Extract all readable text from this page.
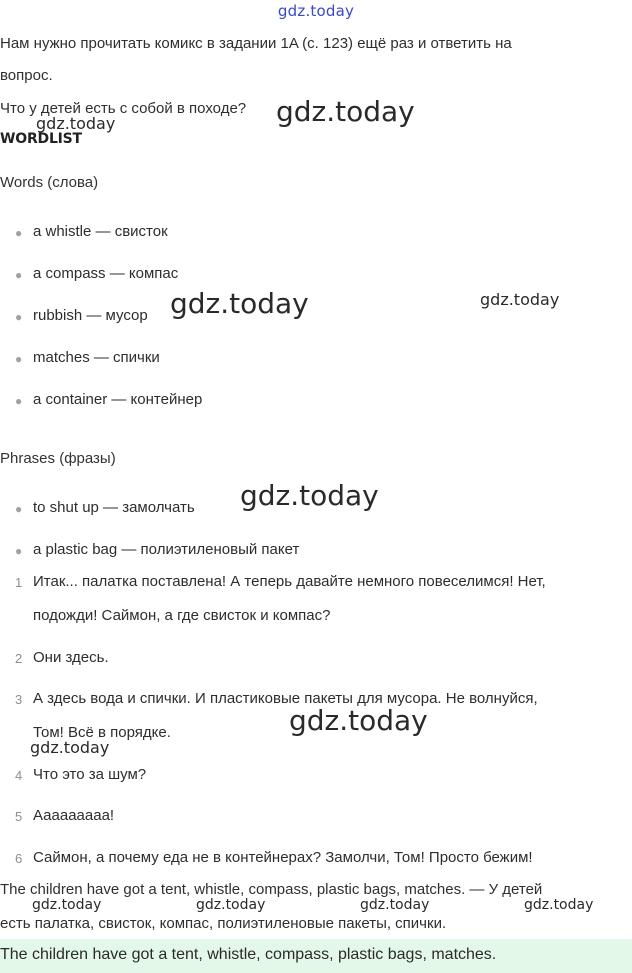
gdz.today
Нам нужно прочитать комикс в задании 1A (с. 123) ещё раз и ответить на
вопрос.
Что у детей есть с собой в походе?
WORDLIST
Words (слова)
● a whistle — свисток
● a compass — компас
● rubbish — мусор
● matches — спички
● a container — контейнер
Phrases (фразы)
● to shut up — замолчать
● a plastic bag — полиэтиленовый пакет
1 Итак... палатка поставлена! А теперь давайте немного повеселимся! Нет,
подожди! Саймон, а где свисток и компас?
2 Они здесь.
3 А здесь вода и спички. И пластиковые пакеты для мусора. Не волнуйся,
Том! Всё в порядке.
4 Что это за шум?
5 Ааааааааа!
6 Саймон, а почему еда не в контейнерах? Замолчи, Том! Просто бежим!
The children have got a tent, whistle, compass, plastic bags, matches. — У детей
есть палатка, свисток, компас, полиэтиленовые пакеты, спички.
The children have got a tent, whistle, compass, plastic bags, matches.
gdz.today	gdz.today
gdz.today	gdz.today
gdz.today
gdz.today
gdz.today
gdz.today	gdz.today	gdz.today	gdz.today
